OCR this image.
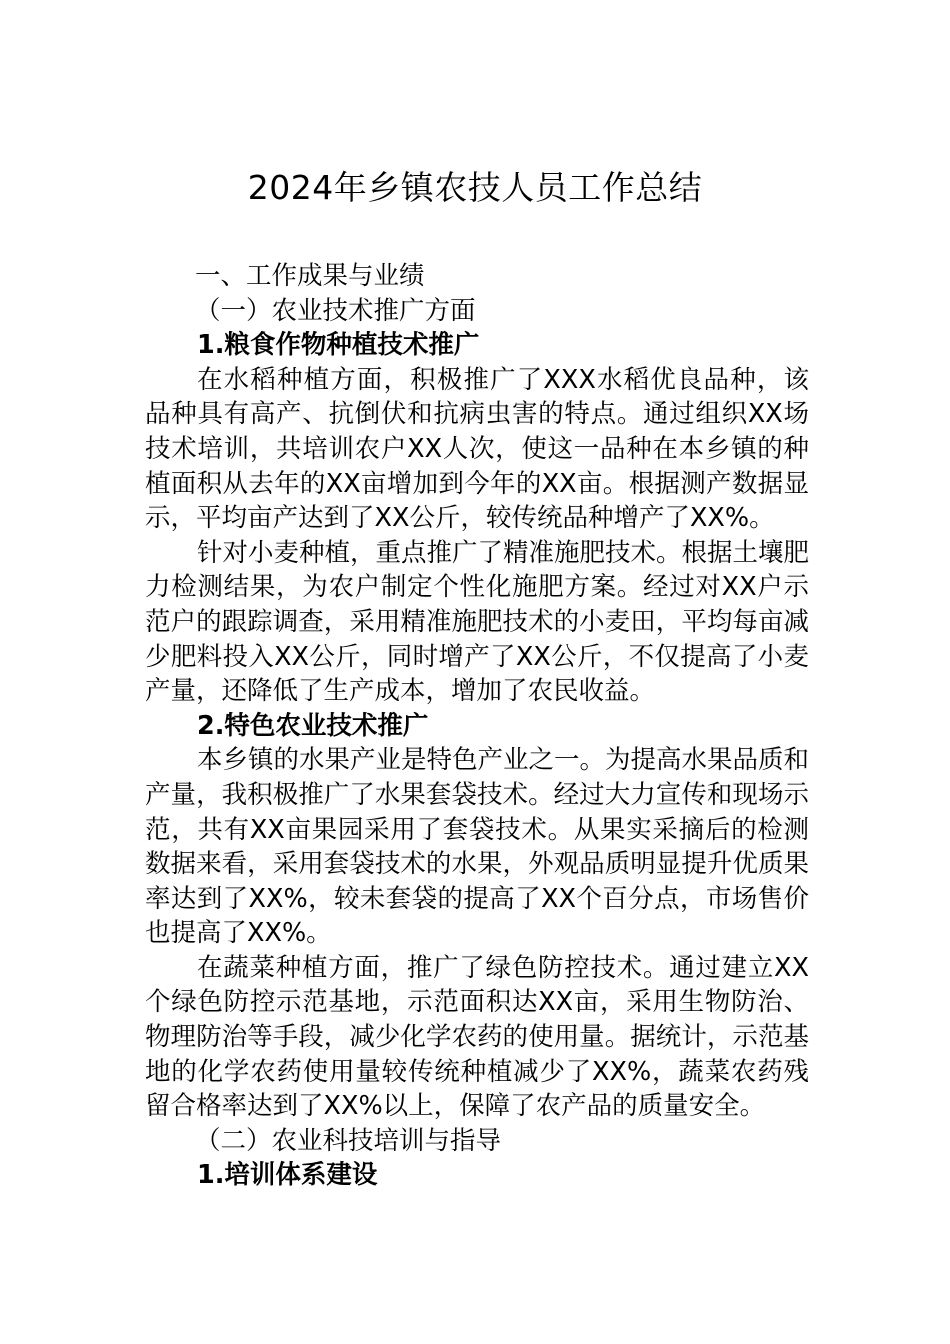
2024年乡镇农技人员工作总结

一、工作成果与业绩

（一）农业技术推广方面

1.粮食作物种植技术推广

在水稻种植方面，积极推广了XXX水稻优良品种，该品种具有高产、抗倒伏和抗病虫害的特点。通过组织XX场技术培训，共培训农户XX人次，使这一品种在本乡镇的种植面积从去年的XX亩增加到今年的XX亩。根据测产数据显示，平均亩产达到了XX公斤，较传统品种增产了XX%。

针对小麦种植，重点推广了精准施肥技术。根据土壤肥力检测结果，为农户制定个性化施肥方案。经过对XX户示范户的跟踪调查，采用精准施肥技术的小麦田，平均每亩减少肥料投入XX公斤，同时增产了XX公斤，不仅提高了小麦产量，还降低了生产成本，增加了农民收益。

2.特色农业技术推广

本乡镇的水果产业是特色产业之一。为提高水果品质和产量，我积极推广了水果套袋技术。经过大力宣传和现场示范，共有XX亩果园采用了套袋技术。从果实采摘后的检测数据来看，采用套袋技术的水果，外观品质明显提升优质果率达到了XX%，较未套袋的提高了XX个百分点，市场售价也提高了XX%。

在蔬菜种植方面，推广了绿色防控技术。通过建立XX个绿色防控示范基地，示范面积达XX亩，采用生物防治、物理防治等手段，减少化学农药的使用量。据统计，示范基地的化学农药使用量较传统种植减少了XX%，蔬菜农药残留合格率达到了XX%以上，保障了农产品的质量安全。

（二）农业科技培训与指导

1.培训体系建设
